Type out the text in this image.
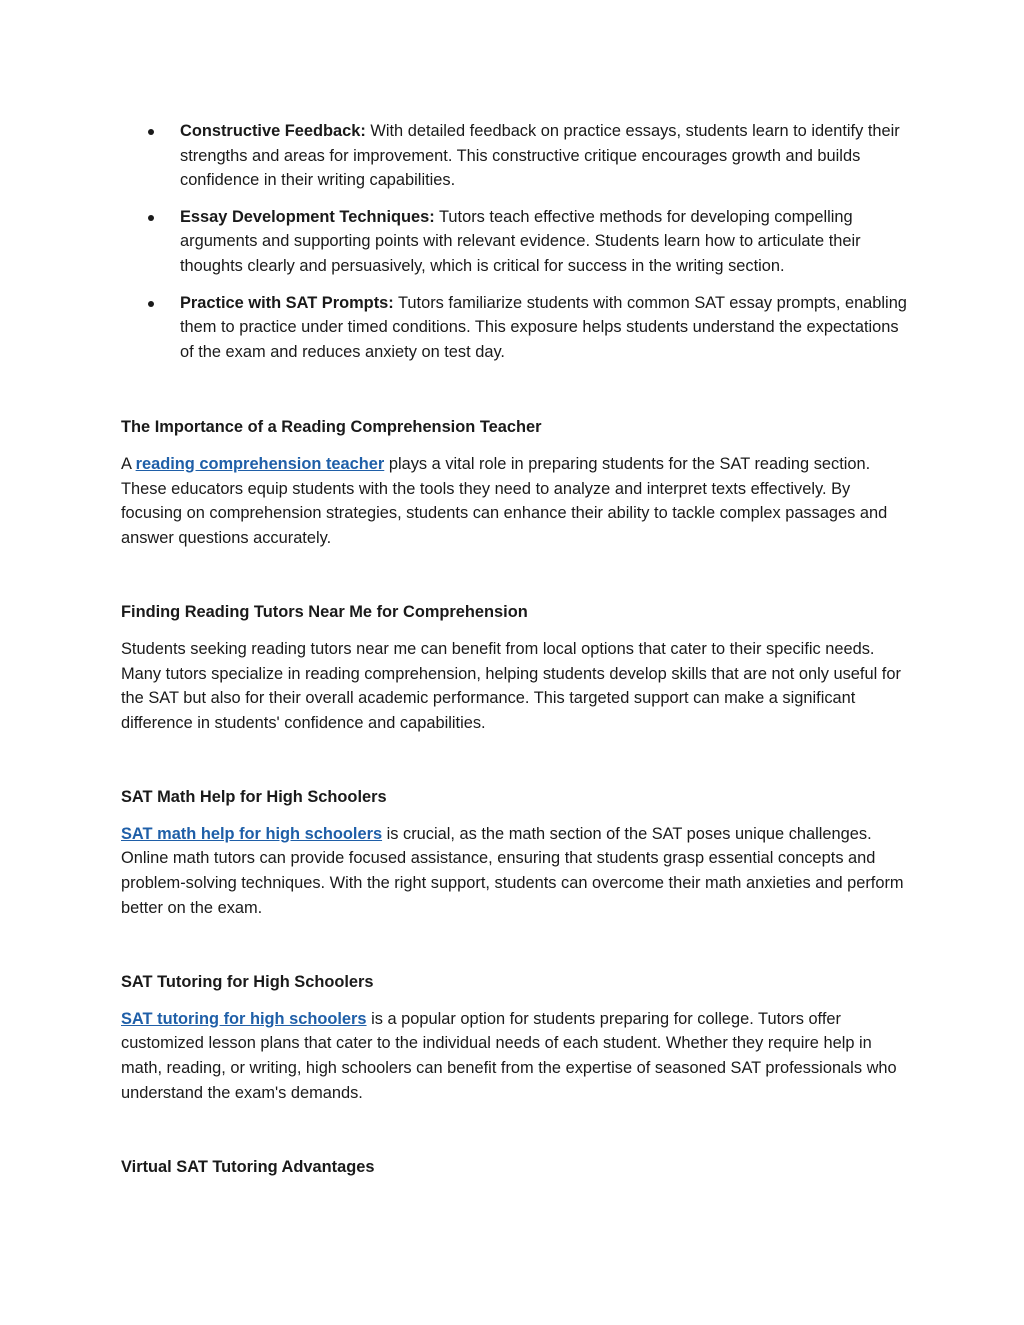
Constructive Feedback: With detailed feedback on practice essays, students learn to identify their strengths and areas for improvement. This constructive critique encourages growth and builds confidence in their writing capabilities.
Essay Development Techniques: Tutors teach effective methods for developing compelling arguments and supporting points with relevant evidence. Students learn how to articulate their thoughts clearly and persuasively, which is critical for success in the writing section.
Practice with SAT Prompts: Tutors familiarize students with common SAT essay prompts, enabling them to practice under timed conditions. This exposure helps students understand the expectations of the exam and reduces anxiety on test day.
The Importance of a Reading Comprehension Teacher

A reading comprehension teacher plays a vital role in preparing students for the SAT reading section. These educators equip students with the tools they need to analyze and interpret texts effectively. By focusing on comprehension strategies, students can enhance their ability to tackle complex passages and answer questions accurately.

Finding Reading Tutors Near Me for Comprehension

Students seeking reading tutors near me can benefit from local options that cater to their specific needs. Many tutors specialize in reading comprehension, helping students develop skills that are not only useful for the SAT but also for their overall academic performance. This targeted support can make a significant difference in students' confidence and capabilities.

SAT Math Help for High Schoolers

SAT math help for high schoolers is crucial, as the math section of the SAT poses unique challenges. Online math tutors can provide focused assistance, ensuring that students grasp essential concepts and problem-solving techniques. With the right support, students can overcome their math anxieties and perform better on the exam.

SAT Tutoring for High Schoolers

SAT tutoring for high schoolers is a popular option for students preparing for college. Tutors offer customized lesson plans that cater to the individual needs of each student. Whether they require help in math, reading, or writing, high schoolers can benefit from the expertise of seasoned SAT professionals who understand the exam's demands.

Virtual SAT Tutoring Advantages
